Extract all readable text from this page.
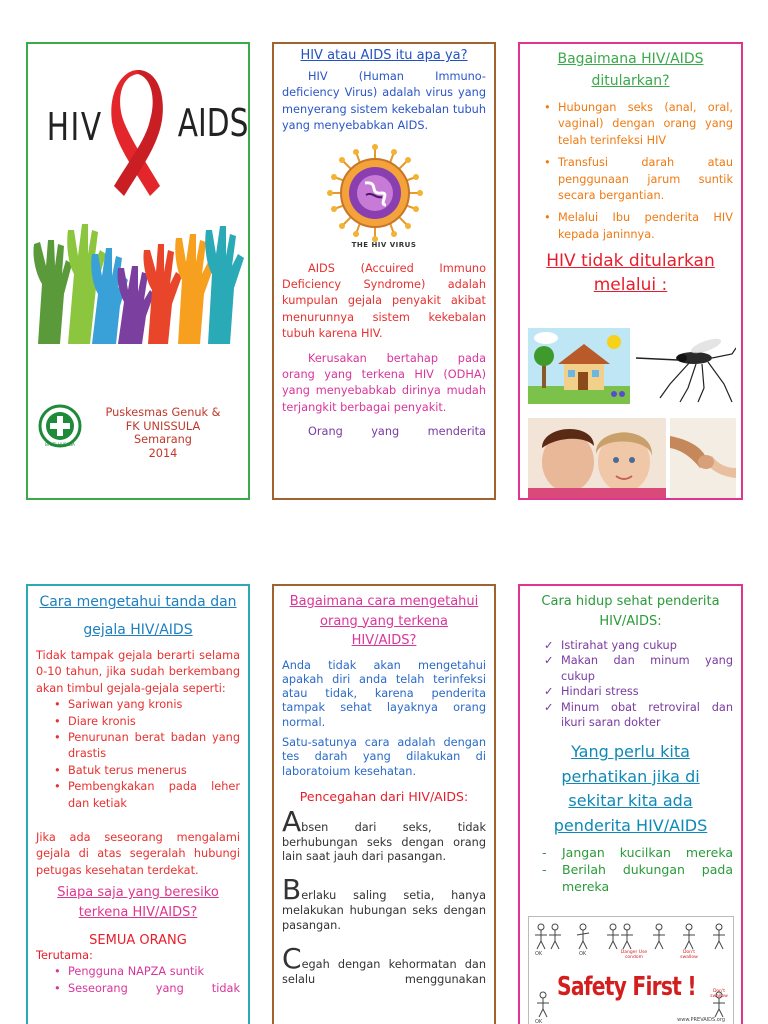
HIV AIDS
BAKTI HUSADA
Puskesmas Genuk &
FK UNISSULA
Semarang
2014
HIV atau AIDS itu apa ya?

HIV (Human Immuno-deficiency Virus) adalah virus yang menyerang sistem kekebalan tubuh yang menyebabkan AIDS.

THE HIV VIRUS

AIDS (Accuired Immuno Deficiency Syndrome) adalah kumpulan gejala penyakit akibat menurunnya sistem kekebalan tubuh karena HIV.

Kerusakan bertahap pada orang yang terkena HIV (ODHA) yang menyebabkab dirinya mudah terjangkit berbagai penyakit.

Orang yang menderita

Bagaimana HIV/AIDS ditularkan?
• Hubungan seks (anal, oral, vaginal) dengan orang yang telah terinfeksi HIV
• Transfusi darah atau penggunaan jarum suntik secara bergantian.
• Melalui Ibu penderita HIV kepada janinnya.
HIV tidak ditularkan melalui :
Cara mengetahui tanda dan gejala HIV/AIDS

Tidak tampak gejala berarti selama 0-10 tahun, jika sudah berkembang akan timbul gejala-gejala seperti:

• Sariwan yang kronis
• Diare kronis
• Penurunan berat badan yang drastis
• Batuk terus menerus
• Pembengkakan pada leher dan ketiak

Jika ada seseorang mengalami gejala di atas segeralah hubungi petugas kesehatan terdekat.

Siapa saja yang beresiko terkena HIV/AIDS?
SEMUA ORANG
Terutama:
• Pengguna NAPZA suntik
• Seseorang yang tidak
Bagaimana cara mengetahui orang yang terkena HIV/AIDS?

Anda tidak akan mengetahui apakah diri anda telah terinfeksi atau tidak, karena penderita tampak sehat layaknya orang normal.

Satu-satunya cara adalah dengan tes darah yang dilakukan di laboratoium kesehatan.

Pencegahan dari HIV/AIDS:

Absen dari seks, tidak berhubungan seks dengan orang lain saat jauh dari pasangan.

Berlaku saling setia, hanya melakukan hubungan seks dengan pasangan.

Cegah dengan kehormatan dan selalu menggunakan

Cara hidup sehat penderita HIV/AIDS:
✓ Istirahat yang cukup
✓ Makan dan minum yang cukup
✓ Hindari stress
✓ Minum obat retroviral dan ikuri saran dokter
Yang perlu kita perhatikan jika di sekitar kita ada penderita HIV/AIDS
- Jangan kucilkan mereka
- Berilah dukungan pada mereka
OK	OK	Danger Use condom
Don't swallow
OK
Don't swallow
Safety First !
www.PREVAIDS.org
